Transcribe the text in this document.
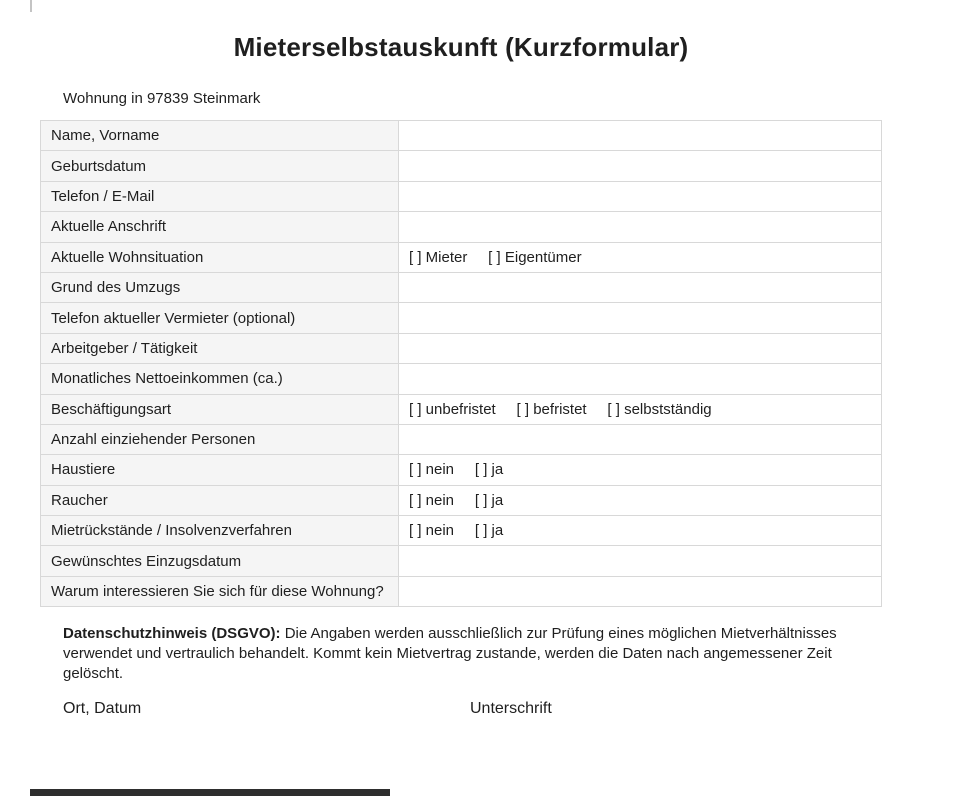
Mieterselbstauskunft (Kurzformular)
Wohnung in 97839 Steinmark
Name, Vorname
Geburtsdatum
Telefon / E-Mail
Aktuelle Anschrift
Aktuelle Wohnsituation	[ ] Mieter     [ ] Eigentümer
Grund des Umzugs
Telefon aktueller Vermieter (optional)
Arbeitgeber / Tätigkeit
Monatliches Nettoeinkommen (ca.)
Beschäftigungsart	[ ] unbefristet     [ ] befristet     [ ] selbstständig
Anzahl einziehender Personen
Haustiere	[ ] nein     [ ] ja
Raucher	[ ] nein     [ ] ja
Mietrückstände / Insolvenzverfahren	[ ] nein     [ ] ja
Gewünschtes Einzugsdatum
Warum interessieren Sie sich für diese Wohnung?
Datenschutzhinweis (DSGVO): Die Angaben werden ausschließlich zur Prüfung eines möglichen Mietverhältnisses verwendet und vertraulich behandelt. Kommt kein Mietvertrag zustande, werden die Daten nach angemessener Zeit gelöscht.
Ort, Datum	Unterschrift
